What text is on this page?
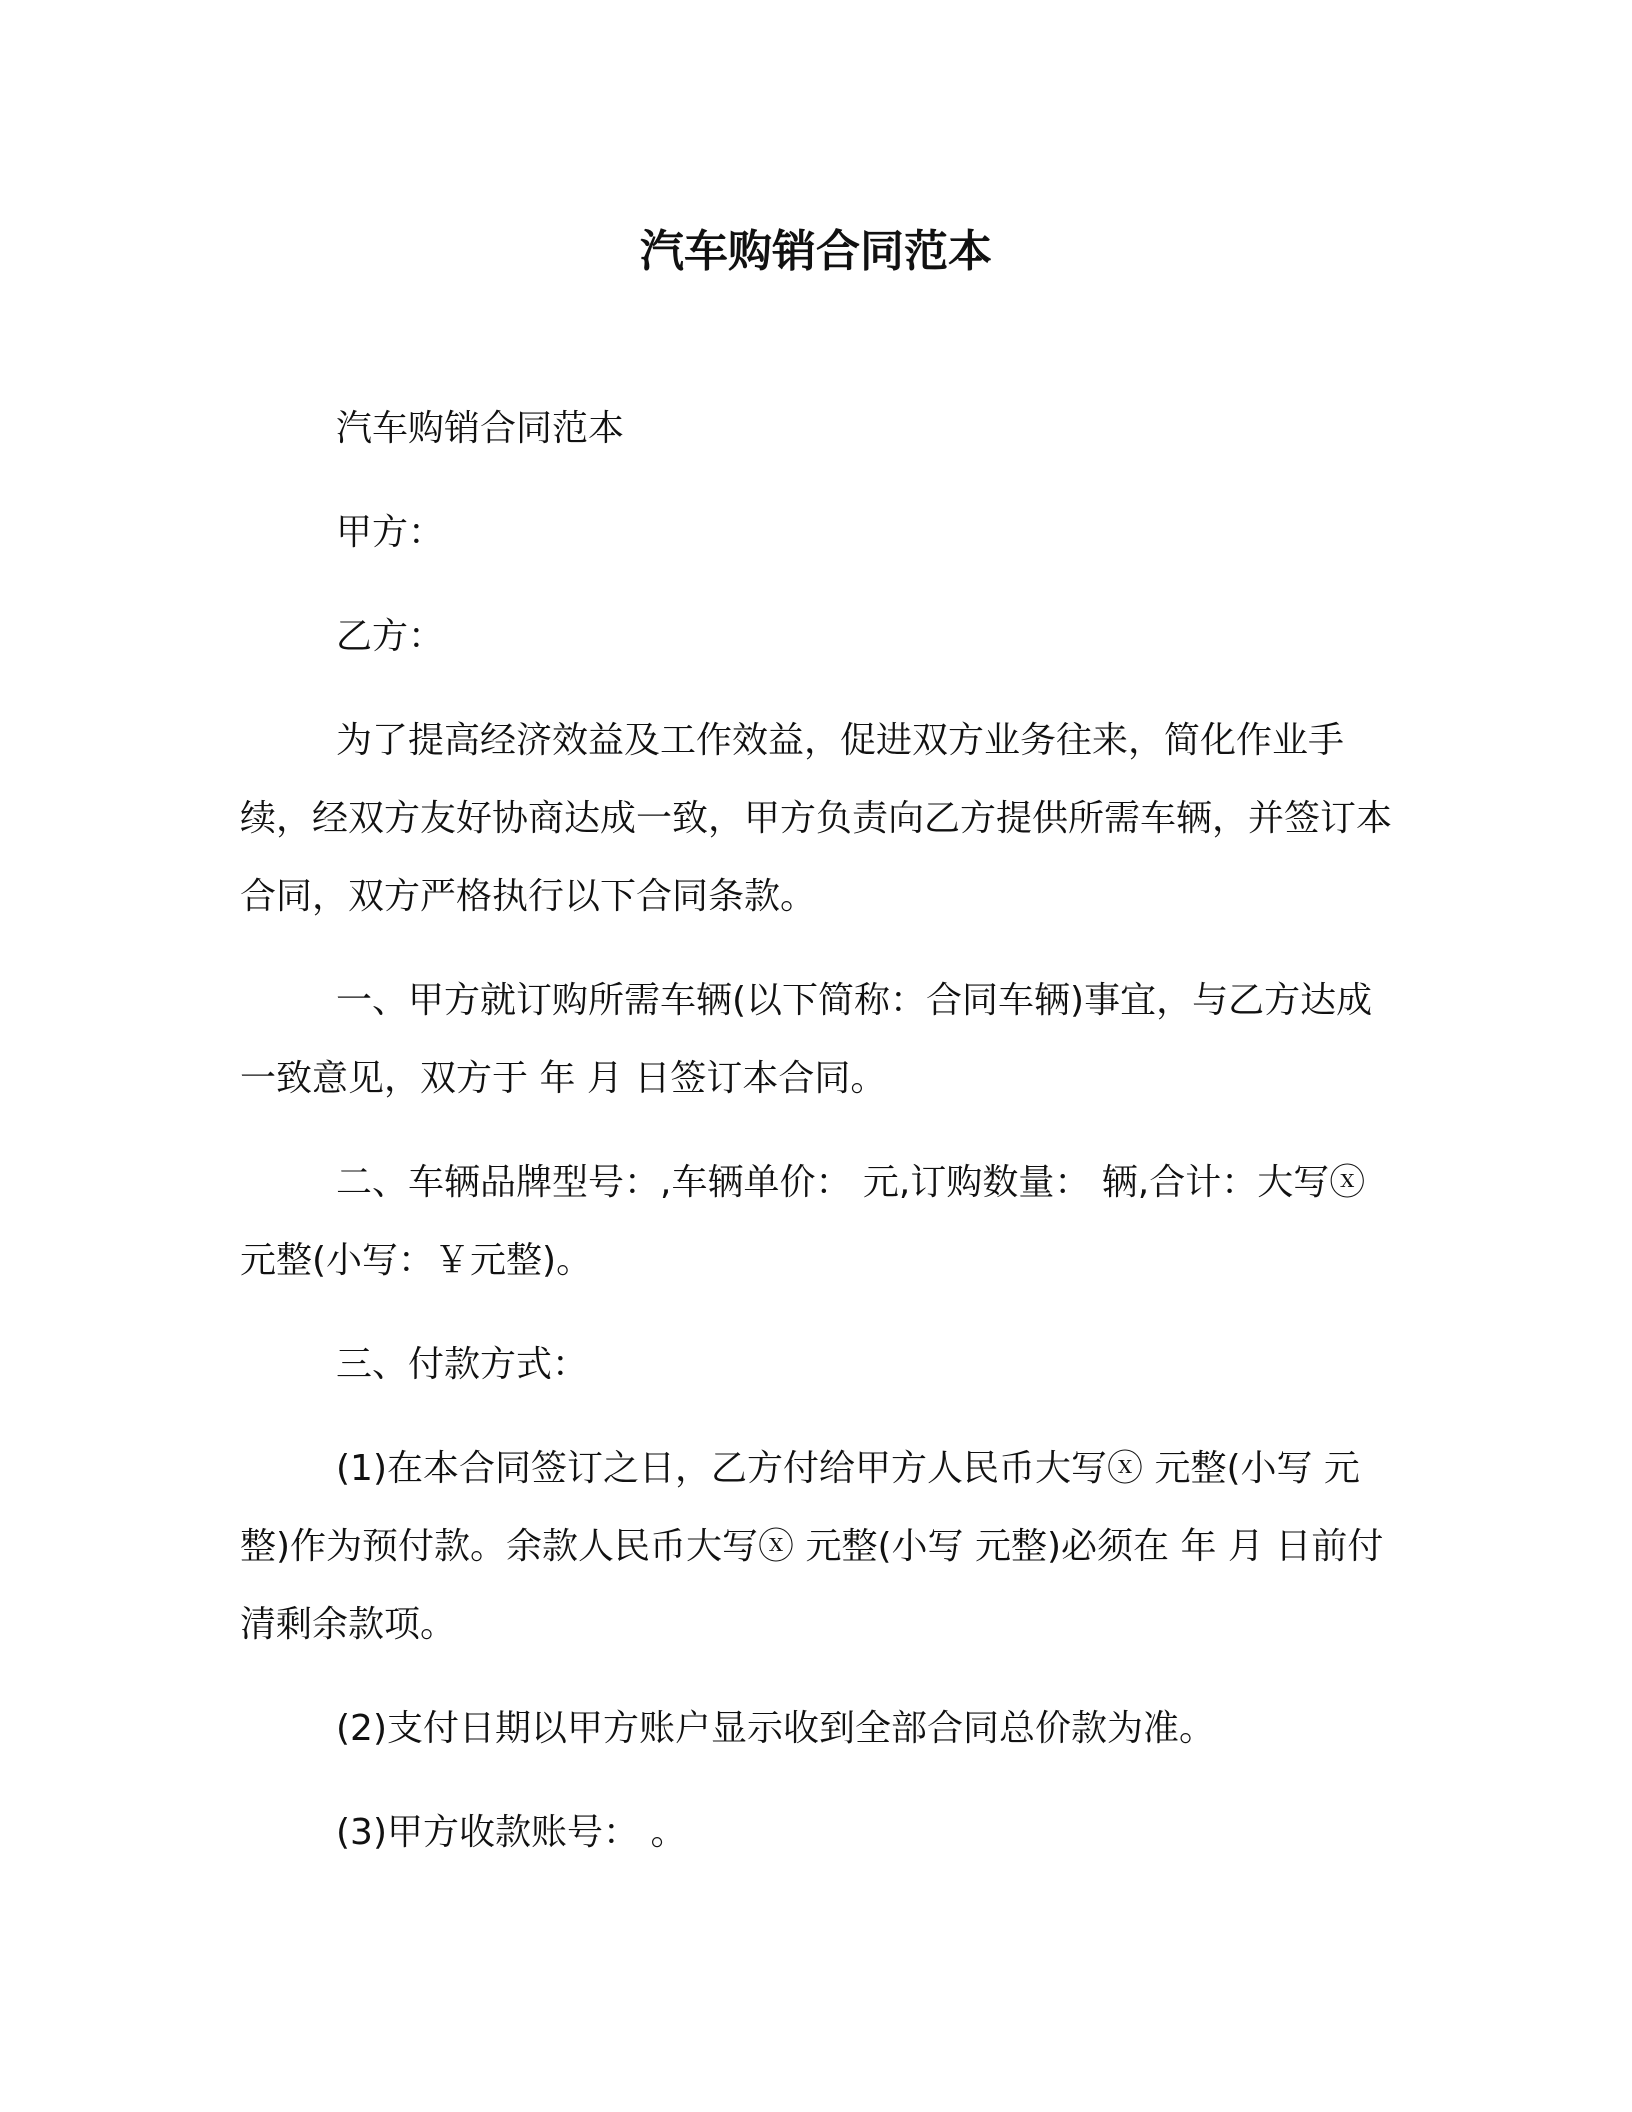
汽车购销合同范本

汽车购销合同范本

甲方：

乙方：

为了提高经济效益及工作效益，促进双方业务往来，简化作业手续，经双方友好协商达成一致，甲方负责向乙方提供所需车辆，并签订本合同，双方严格执行以下合同条款。

一、甲方就订购所需车辆(以下简称：合同车辆)事宜，与乙方达成一致意见，双方于 年 月 日签订本合同。

二、车辆品牌型号：,车辆单价： 元,订购数量： 辆,合计：大写ⓧ 元整(小写：￥元整)。

三、付款方式：

(1)在本合同签订之日，乙方付给甲方人民币大写ⓧ 元整(小写 元整)作为预付款。余款人民币大写ⓧ 元整(小写 元整)必须在 年 月 日前付清剩余款项。

(2)支付日期以甲方账户显示收到全部合同总价款为准。

(3)甲方收款账号： 。
